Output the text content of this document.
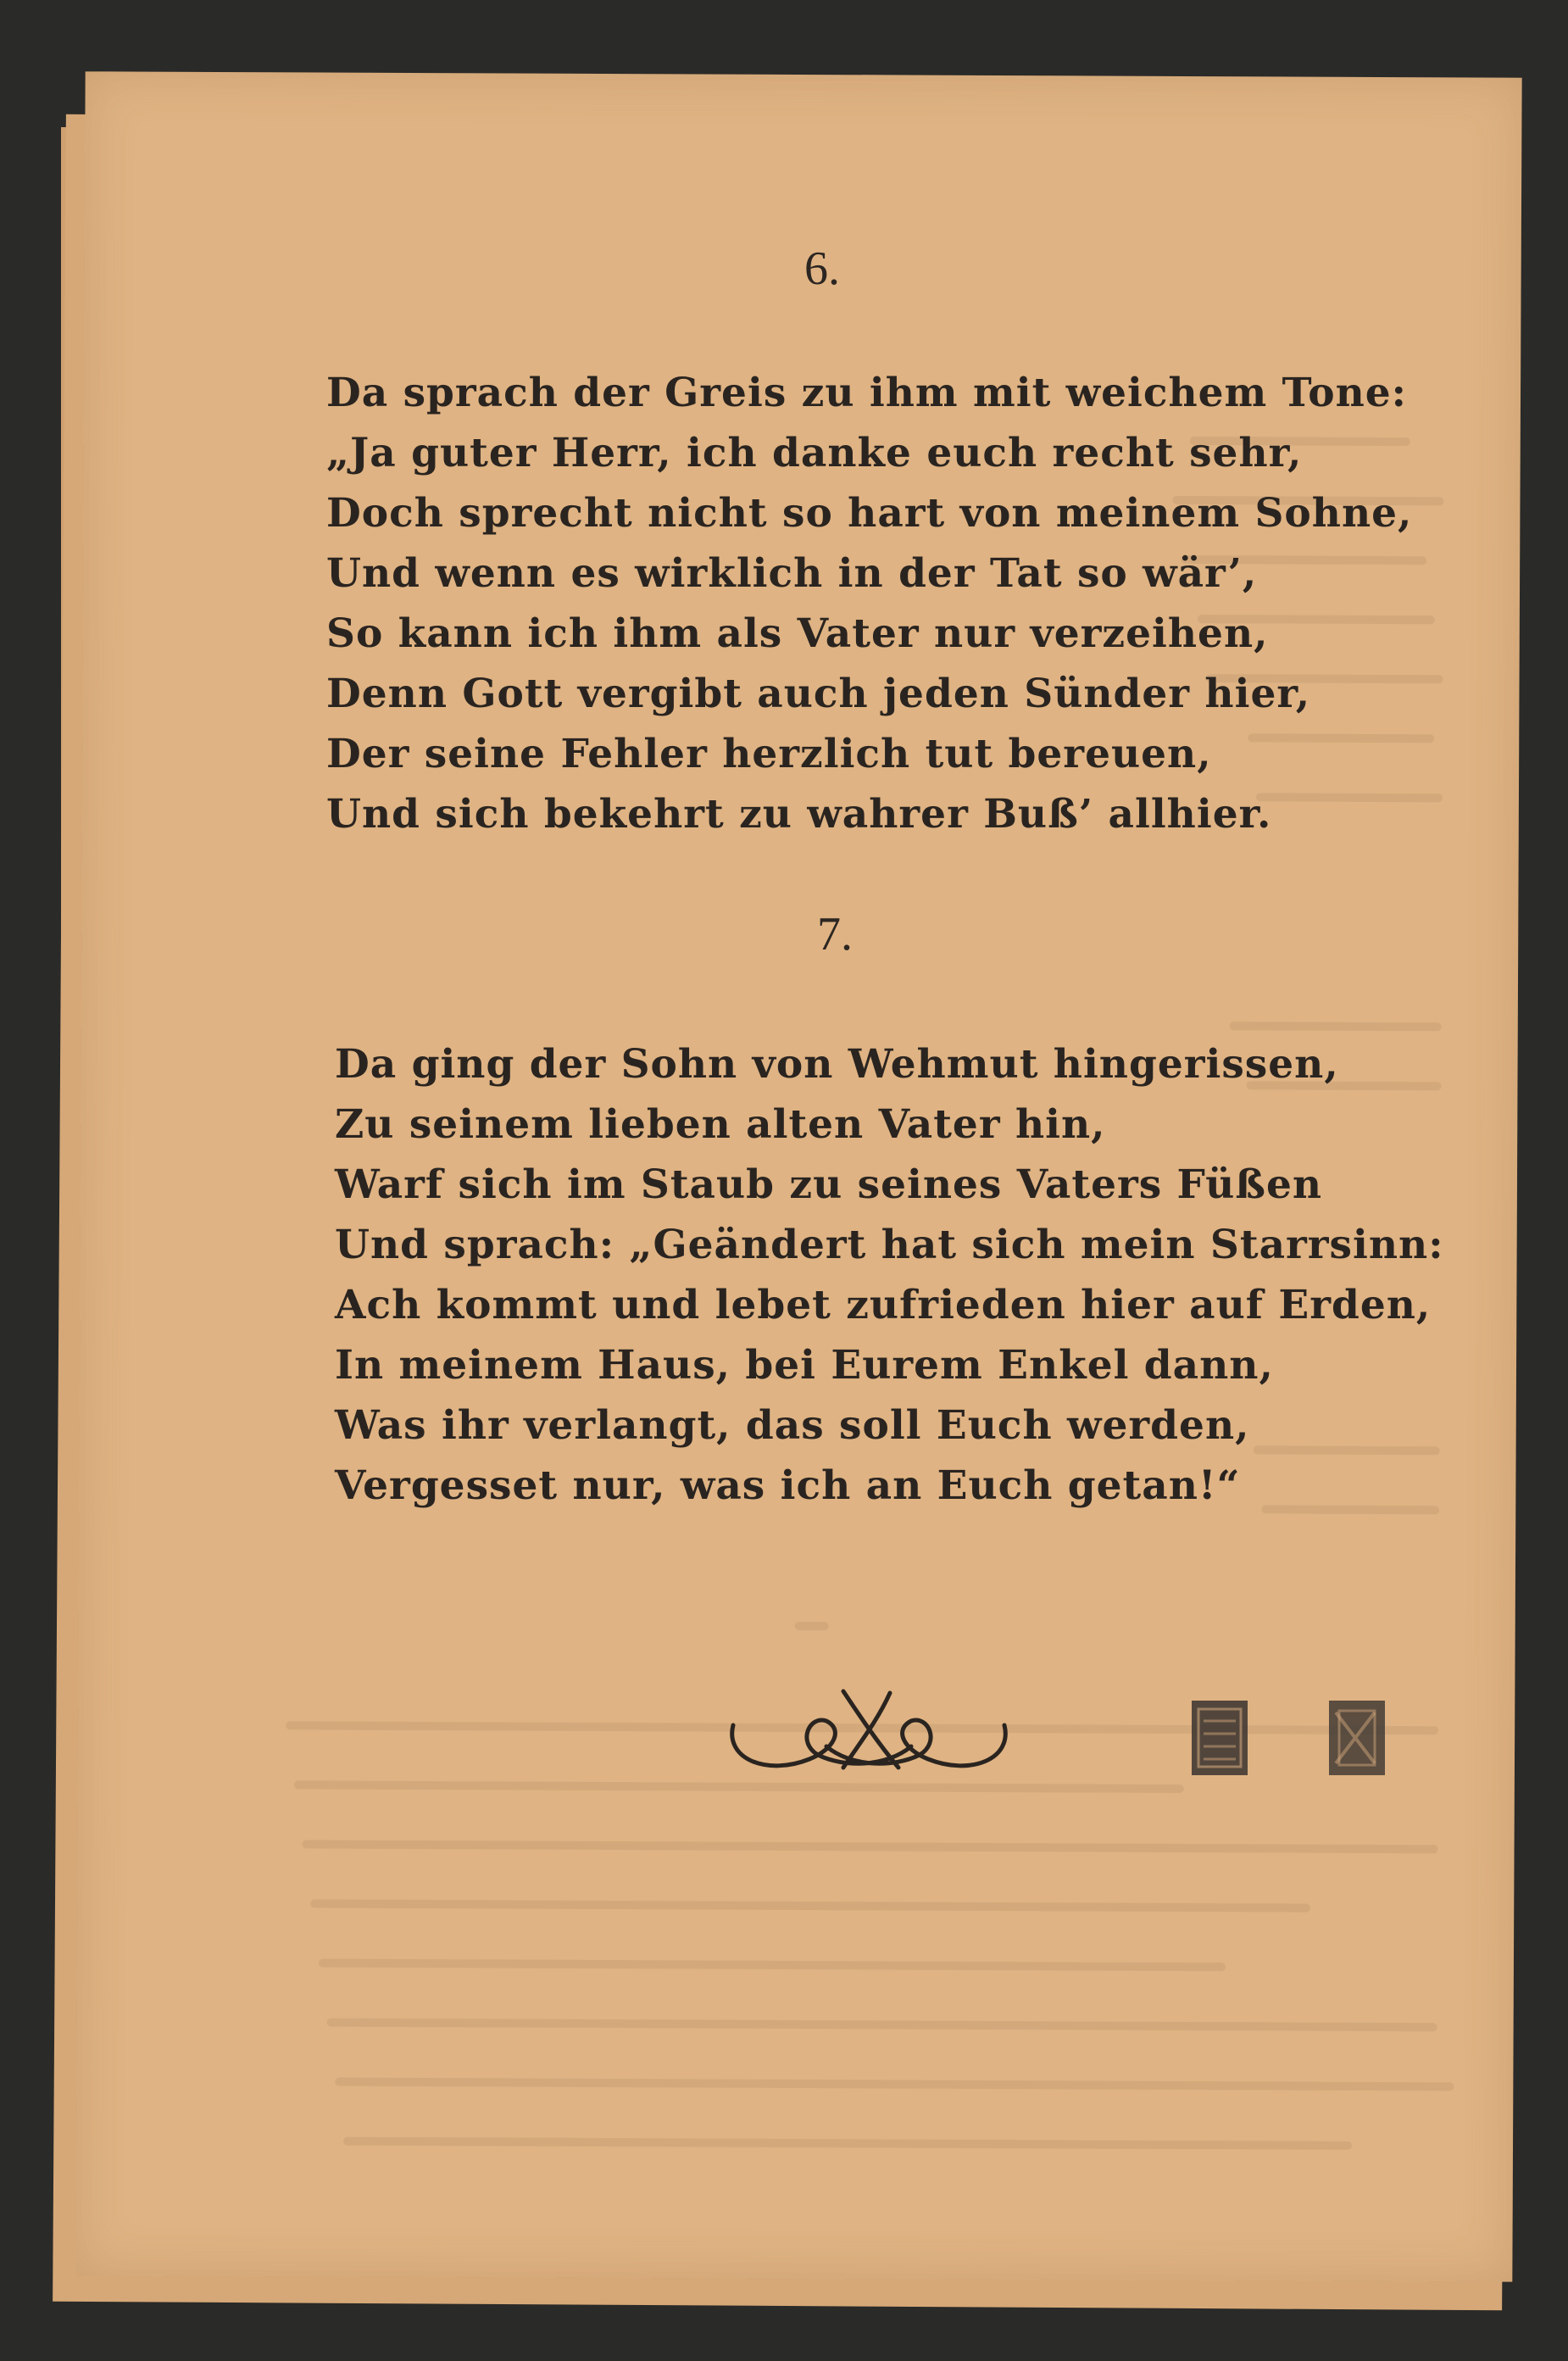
6.
Da sprach der Greis zu ihm mit weichem Tone:
„Ja guter Herr, ich danke euch recht sehr,
Doch sprecht nicht so hart von meinem Sohne,
Und wenn es wirklich in der Tat so wär’,
So kann ich ihm als Vater nur verzeihen,
Denn Gott vergibt auch jeden Sünder hier,
Der seine Fehler herzlich tut bereuen,
Und sich bekehrt zu wahrer Buß’ allhier.
7.
Da ging der Sohn von Wehmut hingerissen,
Zu seinem lieben alten Vater hin,
Warf sich im Staub zu seines Vaters Füßen
Und sprach: „Geändert hat sich mein Starrsinn:
Ach kommt und lebet zufrieden hier auf Erden,
In meinem Haus, bei Eurem Enkel dann,
Was ihr verlangt, das soll Euch werden,
Vergesset nur, was ich an Euch getan!“
